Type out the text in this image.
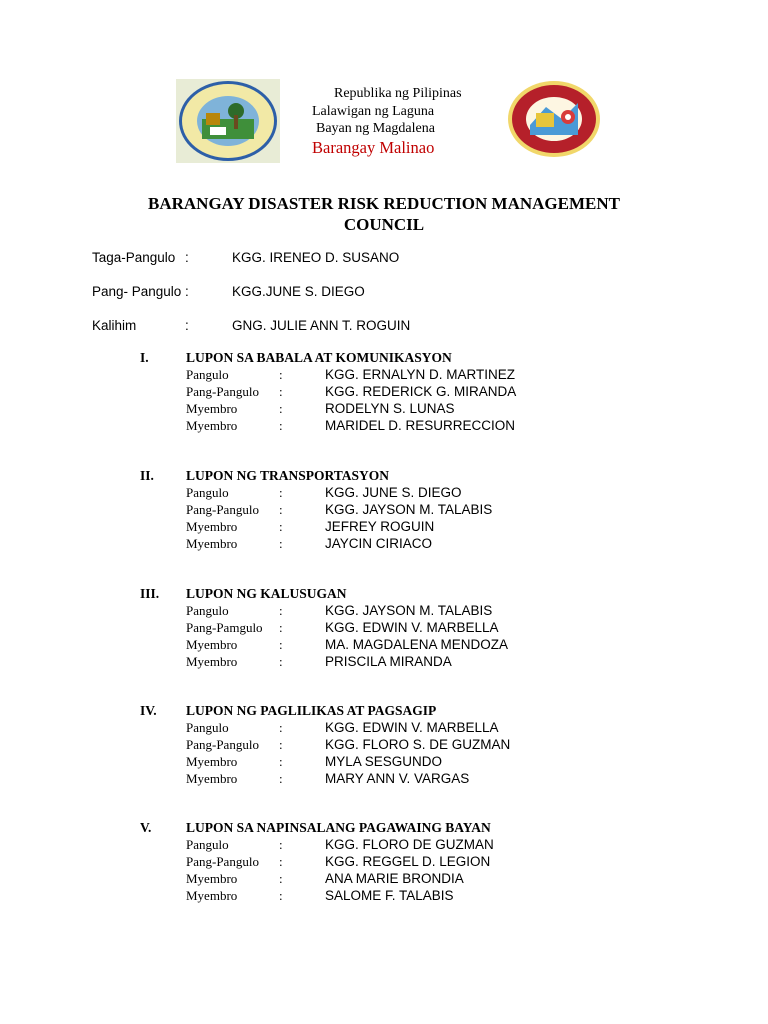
Republika ng Pilipinas
Lalawigan ng Laguna
Bayan ng Magdalena
Barangay Malinao
BARANGAY DISASTER RISK REDUCTION MANAGEMENT
COUNCIL
Taga-Pangulo :	KGG. IRENEO D. SUSANO
Pang- Pangulo :	KGG.JUNE S. DIEGO
Kalihim	:	GNG. JULIE ANN T. ROGUIN
I.	LUPON SA BABALA AT KOMUNIKASYON
Pangulo	:	KGG. ERNALYN D. MARTINEZ
Pang-Pangulo :	KGG. REDERICK G. MIRANDA
Myembro	:	RODELYN S. LUNAS
Myembro	:	MARIDEL D. RESURRECCION
II. LUPON NG TRANSPORTASYON
Pangulo	:	KGG. JUNE S. DIEGO
Pang-Pangulo :	KGG. JAYSON M. TALABIS
Myembro	:	JEFREY ROGUIN
Myembro	:	JAYCIN CIRIACO
III. LUPON NG KALUSUGAN
Pangulo	:	KGG. JAYSON M. TALABIS
Pang-Pamgulo :	KGG. EDWIN V. MARBELLA
Myembro	:	MA. MAGDALENA MENDOZA
Myembro	:	PRISCILA MIRANDA
IV. LUPON NG PAGLILIKAS AT PAGSAGIP
Pangulo	:	KGG. EDWIN V. MARBELLA
Pang-Pangulo :	KGG. FLORO S. DE GUZMAN
Myembro	:	MYLA SESGUNDO
Myembro	:	MARY ANN V. VARGAS
V.	LUPON SA NAPINSALANG PAGAWAING BAYAN
Pangulo	:	KGG. FLORO DE GUZMAN
Pang-Pangulo :	KGG. REGGEL D. LEGION
Myembro	:	ANA MARIE BRONDIA
Myembro	:	SALOME F. TALABIS
